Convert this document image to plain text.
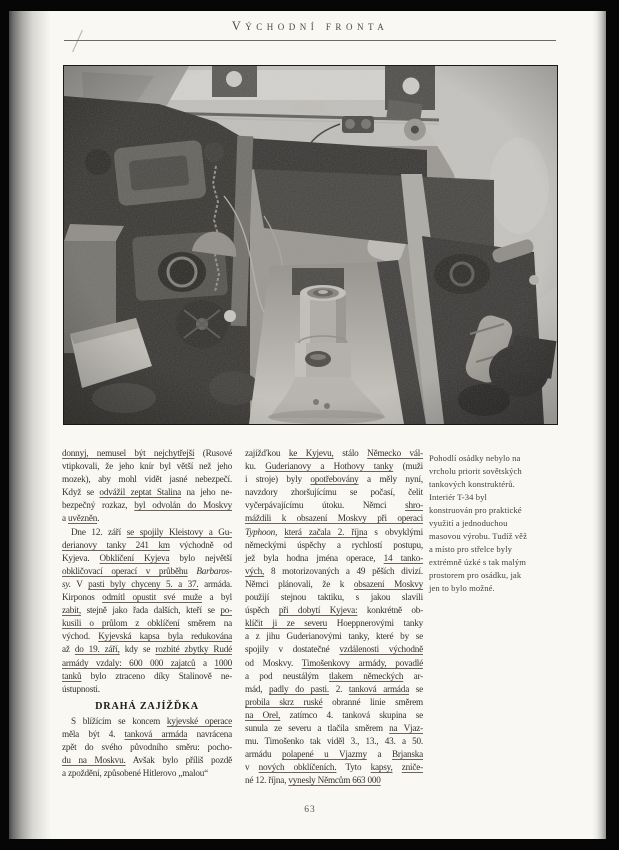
Východní fronta
donnyj, nemusel být nejchytřejší (Rusové
vtipkovali, že jeho knír byl větší než jeho
mozek), aby mohl vidět jasné nebezpečí.
Když se odvážil zeptat Stalina na jeho ne-
bezpečný rozkaz, byl odvolán do Moskvy
a uvězněn.
Dne 12. září se spojily Kleistovy a Gu-
derianovy tanky 241 km východně od
Kyjeva. Obklíčení Kyjeva bylo největší
obkličovací operací v průběhu Barbaros-
sy. V pasti byly chyceny 5. a 37. armáda.
Kirponos odmítl opustit své muže a byl
zabit, stejně jako řada dalších, kteří se po-
kusili o průlom z obklíčení směrem na
východ. Kyjevská kapsa byla redukována
až do 19. září, kdy se rozbité zbytky Rudé
armády vzdaly: 600 000 zajatců a 1000
tanků bylo ztraceno díky Stalinově ne-
ústupnosti.
DRAHÁ ZAJÍŽĎKA
S blížícím se koncem kyjevské operace
měla být 4. tanková armáda navrácena
zpět do svého původního směru: pocho-
du na Moskvu. Avšak bylo příliš pozdě
a zpoždění, způsobené Hitlerovo „malou“
zajížďkou ke Kyjevu, stálo Německo vál-
ku. Guderianovy a Hothovy tanky (muži
i stroje) byly opotřebovány a měly nyní,
navzdory zhoršujícímu se počasí, čelit
vyčerpávajícímu útoku. Němci shro-
máždili k obsazení Moskvy při operaci
Typhoon, která začala 2. října s obvyklými
německými úspěchy a rychlostí postupu,
jež byla hodna jména operace, 14 tanko-
vých, 8 motorizovaných a 49 pěších divizí.
Němci plánovali, že k obsazení Moskvy
použijí stejnou taktiku, s jakou slavili
úspěch při dobytí Kyjeva: konkrétně ob-
klíčit ji ze severu Hoeppnerovými tanky
a z jihu Guderianovými tanky, které by se
spojily v dostatečné vzdálenosti východně
od Moskvy. Timošenkovy armády, povadlé
a pod neustálým tlakem německých ar-
mád, padly do pasti. 2. tanková armáda se
probila skrz ruské obranné linie směrem
na Orel, zatímco 4. tanková skupina se
sunula ze severu a tlačila směrem na Vjaz-
mu. Timošenko tak viděl 3., 13., 43. a 50.
armádu polapené u Vjazmy a Brjanska
v nových obklíčeních. Tyto kapsy, zniče-
né 12. října, vynesly Němcům 663 000
Pohodlí osádky nebylo na
vrcholu priorit sovětských
tankových konstruktérů.
Interiér T-34 byl
konstruován pro praktické
využití a jednoduchou
masovou výrobu. Tudíž věž
a místo pro střelce byly
extrémně úzké s tak malým
prostorem pro osádku, jak
jen to bylo možné.
63
